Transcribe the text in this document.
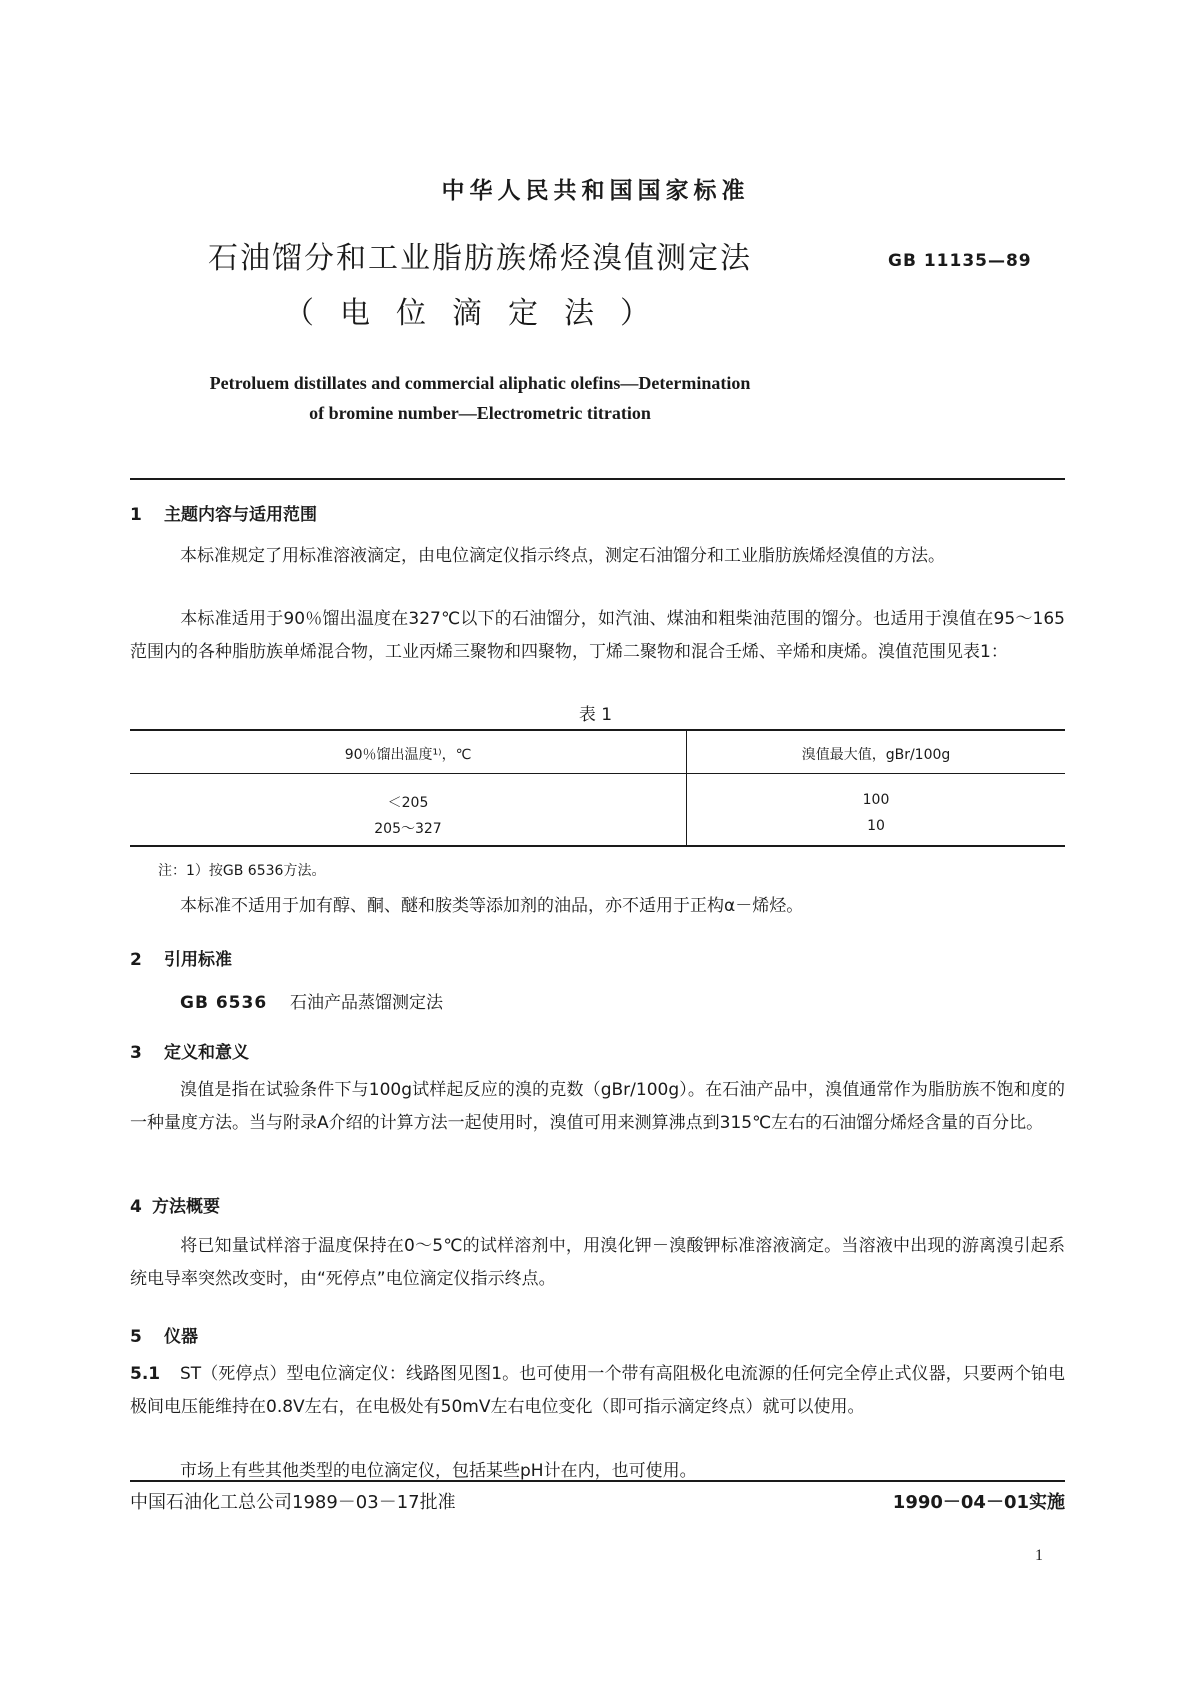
中华人民共和国国家标准
石油馏分和工业脂肪族烯烃溴值测定法
（电位滴定法）
GB 11135—89
Petroluem distillates and commercial aliphatic olefins—Determination
of bromine number—Electrometric titration
1 主题内容与适用范围
本标准规定了用标准溶液滴定，由电位滴定仪指示终点，测定石油馏分和工业脂肪族烯烃溴值的方法。
本标准适用于90％馏出温度在327℃以下的石油馏分，如汽油、煤油和粗柴油范围的馏分。也适用于溴值在95～165范围内的各种脂肪族单烯混合物，工业丙烯三聚物和四聚物，丁烯二聚物和混合壬烯、辛烯和庚烯。溴值范围见表1：
表 1
90％馏出温度¹⁾，℃	溴值最大值，gBr/100g
＜205	100
205～327	10
注：1）按GB 6536方法。
本标准不适用于加有醇、酮、醚和胺类等添加剂的油品，亦不适用于正构α－烯烃。
2 引用标准
GB 6536 石油产品蒸馏测定法
3 定义和意义
溴值是指在试验条件下与100g试样起反应的溴的克数（gBr/100g）。在石油产品中，溴值通常作为脂肪族不饱和度的一种量度方法。当与附录A介绍的计算方法一起使用时，溴值可用来测算沸点到315℃左右的石油馏分烯烃含量的百分比。
4 方法概要
将已知量试样溶于温度保持在0～5℃的试样溶剂中，用溴化钾－溴酸钾标准溶液滴定。当溶液中出现的游离溴引起系统电导率突然改变时，由“死停点”电位滴定仪指示终点。
5 仪器
5.1 ST（死停点）型电位滴定仪：线路图见图1。也可使用一个带有高阻极化电流源的任何完全停止式仪器，只要两个铂电极间电压能维持在0.8V左右，在电极处有50mV左右电位变化（即可指示滴定终点）就可以使用。
市场上有些其他类型的电位滴定仪，包括某些pH计在内，也可使用。
中国石油化工总公司1989－03－17批准	1990－04－01实施
1
